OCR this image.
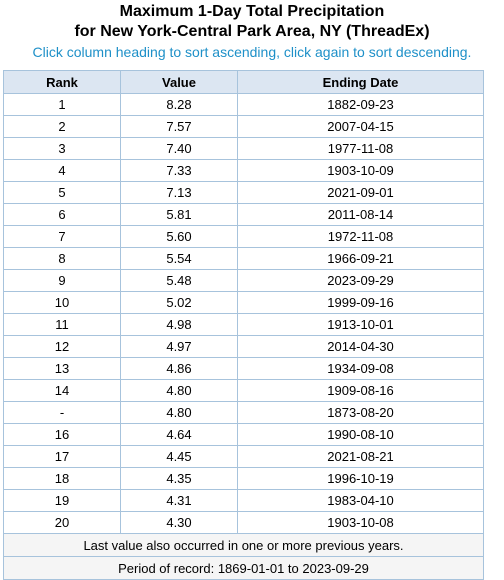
Maximum 1-Day Total Precipitation
for New York-Central Park Area, NY (ThreadEx)
Click column heading to sort ascending, click again to sort descending.
Rank	Value	Ending Date
1	8.28	1882-09-23
2	7.57	2007-04-15
3	7.40	1977-11-08
4	7.33	1903-10-09
5	7.13	2021-09-01
6	5.81	2011-08-14
7	5.60	1972-11-08
8	5.54	1966-09-21
9	5.48	2023-09-29
10	5.02	1999-09-16
11	4.98	1913-10-01
12	4.97	2014-04-30
13	4.86	1934-09-08
14	4.80	1909-08-16
-	4.80	1873-08-20
16	4.64	1990-08-10
17	4.45	2021-08-21
18	4.35	1996-10-19
19	4.31	1983-04-10
20	4.30	1903-10-08
Last value also occurred in one or more previous years.		
Period of record: 1869-01-01 to 2023-09-29		
